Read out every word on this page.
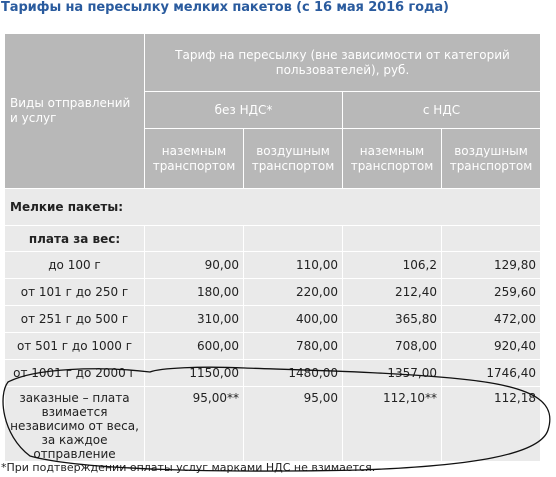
Тарифы на пересылку мелких пакетов (с 16 мая 2016 года)
Виды отправлений и услуг	Тариф на пересылку (вне зависимости от категорий пользователей), руб.			
	без НДС*		с НДС	
	наземным транспортом	воздушным транспортом	наземным транспортом	воздушным транспортом
Мелкие пакеты:				
плата за вес:				
до 100 г	90,00	110,00	106,2	129,80
от 101 г до 250 г	180,00	220,00	212,40	259,60
от 251 г до 500 г	310,00	400,00	365,80	472,00
от 501 г до 1000 г	600,00	780,00	708,00	920,40
от 1001 г до 2000 г	1150,00	1480,00	1357,00	1746,40
заказные – плата взимается независимо от веса, за каждое отправление	95,00**	95,00	112,10**	112,18
*При подтверждении оплаты услуг марками НДС не взимается.
